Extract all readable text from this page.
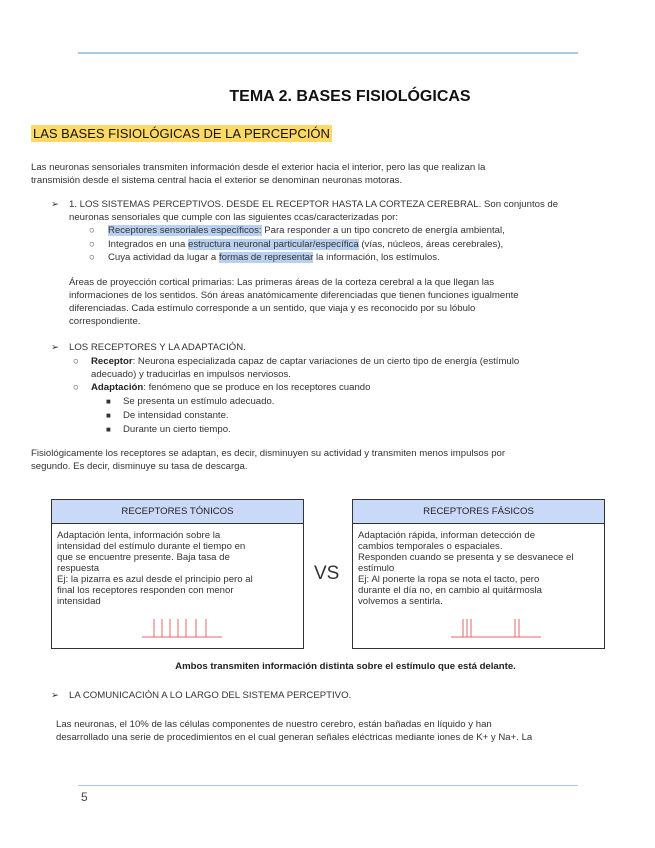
TEMA 2. BASES FISIOLÓGICAS
LAS BASES FISIOLÓGICAS DE LA PERCEPCIÓN
Las neuronas sensoriales transmiten información desde el exterior hacia el interior, pero las que realizan la
transmisión desde el sistema central hacia el exterior se denominan neuronas motoras.
➢ 1. LOS SISTEMAS PERCEPTIVOS. DESDE EL RECEPTOR HASTA LA CORTEZA CEREBRAL. Son conjuntos de
neuronas sensoriales que cumple con las siguientes ccas/caracterizadas por:
○ Receptores sensoriales específicos: Para responder a un tipo concreto de energía ambiental,
○ Integrados en una estructura neuronal particular/específica (vías, núcleos, áreas cerebrales),
○ Cuya actividad da lugar a formas de representar la información, los estímulos.
Áreas de proyección cortical primarias: Las primeras áreas de la corteza cerebral a la que llegan las
informaciones de los sentidos. Són áreas anatómicamente diferenciadas que tienen funciones igualmente
diferenciadas. Cada estímulo corresponde a un sentido, que viaja y es reconocido por su lóbulo
correspondiente.
➢ LOS RECEPTORES Y LA ADAPTACIÓN.
○ Receptor: Neurona especializada capaz de captar variaciones de un cierto tipo de energía (estímulo
adecuado) y traducirlas en impulsos nerviosos.
○ Adaptación: fenómeno que se produce en los receptores cuando
■ Se presenta un estímulo adecuado.
■ De intensidad constante.
■ Durante un cierto tiempo.
Fisiológicamente los receptores se adaptan, es decir, disminuyen su actividad y transmiten menos impulsos por
segundo. Es decir, disminuye su tasa de descarga.
RECEPTORES TÓNICOS
Adaptación lenta, información sobre la
intensidad del estímulo durante el tiempo en
que se encuentre presente. Baja tasa de
respuesta
Ej: la pizarra es azul desde el principio pero al
final los receptores responden con menor
intensidad
VS
RECEPTORES FÁSICOS
Adaptación rápida, informan detección de
cambios temporales o espaciales.
Responden cuando se presenta y se desvanece el
estímulo
Ej: Al ponerte la ropa se nota el tacto, pero
durante el día no, en cambio al quitármosla
volvemos a sentirla.
Ambos transmiten información distinta sobre el estímulo que está delante.
➢ LA COMUNICACIÓN A LO LARGO DEL SISTEMA PERCEPTIVO.
Las neuronas, el 10% de las células componentes de nuestro cerebro, están bañadas en líquido y han
desarrollado una serie de procedimientos en el cual generan señales eléctricas mediante iones de K+ y Na+. La
5
